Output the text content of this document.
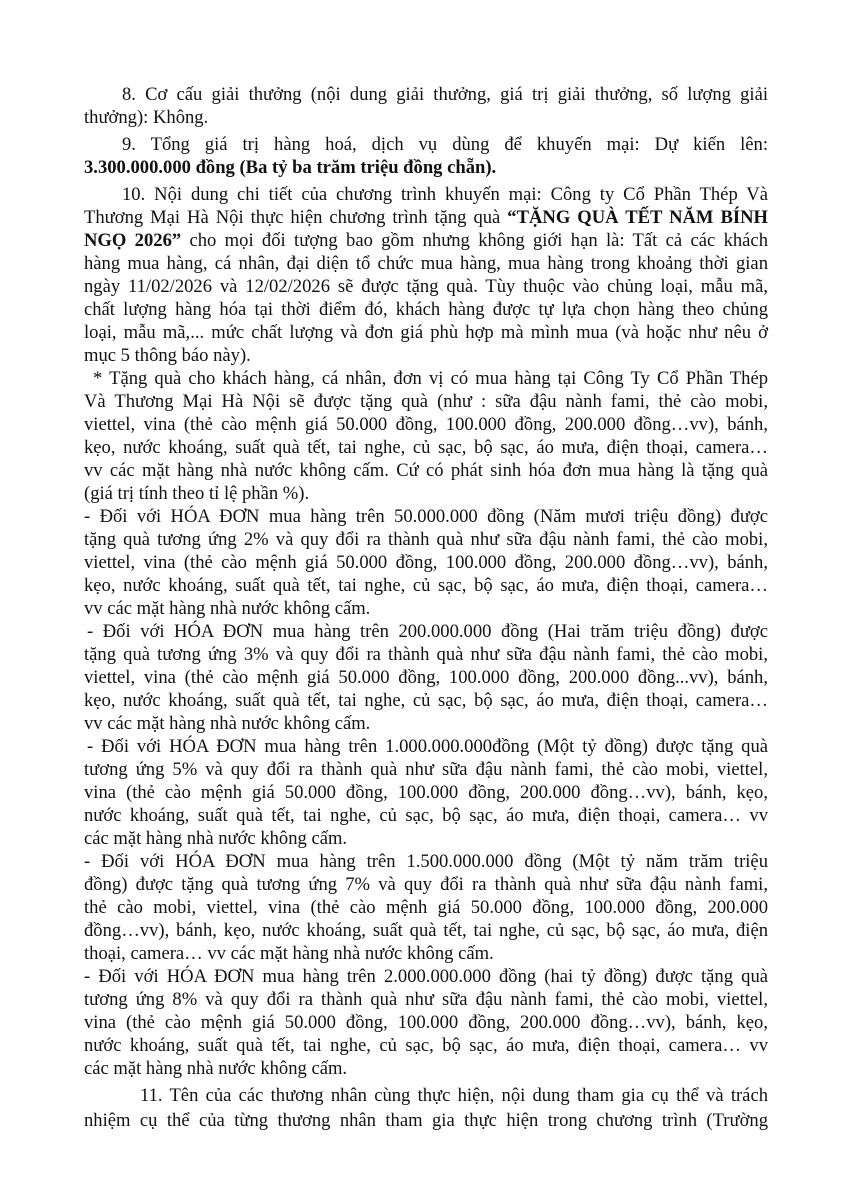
8. Cơ cấu giải thưởng (nội dung giải thưởng, giá trị giải thưởng, số lượng giải
thưởng): Không.
9. Tổng giá trị hàng hoá, dịch vụ dùng để khuyến mại: Dự kiến lên:
3.300.000.000 đồng (Ba tỷ ba trăm triệu đồng chẵn).
10. Nội dung chi tiết của chương trình khuyến mại: Công ty Cổ Phần Thép Và
Thương Mại Hà Nội thực hiện chương trình tặng quà “TẶNG QUÀ TẾT NĂM BÍNH
NGỌ 2026” cho mọi đối tượng bao gồm nhưng không giới hạn là: Tất cả các khách
hàng mua hàng, cá nhân, đại diện tổ chức mua hàng, mua hàng trong khoảng thời gian
ngày 11/02/2026 và 12/02/2026 sẽ được tặng quà. Tùy thuộc vào chủng loại, mẫu mã,
chất lượng hàng hóa tại thời điểm đó, khách hàng được tự lựa chọn hàng theo chủng
loại, mẫu mã,... mức chất lượng và đơn giá phù hợp mà mình mua (và hoặc như nêu ở
mục 5 thông báo này).
* Tặng quà cho khách hàng, cá nhân, đơn vị có mua hàng tại Công Ty Cổ Phần Thép
Và Thương Mại Hà Nội sẽ được tặng quà (như : sữa đậu nành fami, thẻ cào mobi,
viettel, vina (thẻ cào mệnh giá 50.000 đồng, 100.000 đồng, 200.000 đồng…vv), bánh,
kẹo, nước khoáng, suất quà tết, tai nghe, củ sạc, bộ sạc, áo mưa, điện thoại, camera…
vv các mặt hàng nhà nước không cấm. Cứ có phát sinh hóa đơn mua hàng là tặng quà
(giá trị tính theo tỉ lệ phần %).
- Đối với HÓA ĐƠN mua hàng trên 50.000.000 đồng (Năm mươi triệu đồng) được
tặng quà tương ứng 2% và quy đổi ra thành quà như sữa đậu nành fami, thẻ cào mobi,
viettel, vina (thẻ cào mệnh giá 50.000 đồng, 100.000 đồng, 200.000 đồng…vv), bánh,
kẹo, nước khoáng, suất quà tết, tai nghe, củ sạc, bộ sạc, áo mưa, điện thoại, camera…
vv các mặt hàng nhà nước không cấm.
- Đối với HÓA ĐƠN mua hàng trên 200.000.000 đồng (Hai trăm triệu đồng) được
tặng quà tương ứng 3% và quy đổi ra thành quà như sữa đậu nành fami, thẻ cào mobi,
viettel, vina (thẻ cào mệnh giá 50.000 đồng, 100.000 đồng, 200.000 đồng...vv), bánh,
kẹo, nước khoáng, suất quà tết, tai nghe, củ sạc, bộ sạc, áo mưa, điện thoại, camera…
vv các mặt hàng nhà nước không cấm.
- Đối với HÓA ĐƠN mua hàng trên 1.000.000.000đồng (Một tỷ đồng) được tặng quà
tương ứng 5% và quy đổi ra thành quà như sữa đậu nành fami, thẻ cào mobi, viettel,
vina (thẻ cào mệnh giá 50.000 đồng, 100.000 đồng, 200.000 đồng…vv), bánh, kẹo,
nước khoáng, suất quà tết, tai nghe, củ sạc, bộ sạc, áo mưa, điện thoại, camera… vv
các mặt hàng nhà nước không cấm.
- Đối với HÓA ĐƠN mua hàng trên 1.500.000.000 đồng (Một tỷ năm trăm triệu
đồng) được tặng quà tương ứng 7% và quy đổi ra thành quà như sữa đậu nành fami,
thẻ cào mobi, viettel, vina (thẻ cào mệnh giá 50.000 đồng, 100.000 đồng, 200.000
đồng…vv), bánh, kẹo, nước khoáng, suất quà tết, tai nghe, củ sạc, bộ sạc, áo mưa, điện
thoại, camera… vv các mặt hàng nhà nước không cấm.
- Đối với HÓA ĐƠN mua hàng trên 2.000.000.000 đồng (hai tỷ đồng) được tặng quà
tương ứng 8% và quy đổi ra thành quà như sữa đậu nành fami, thẻ cào mobi, viettel,
vina (thẻ cào mệnh giá 50.000 đồng, 100.000 đồng, 200.000 đồng…vv), bánh, kẹo,
nước khoáng, suất quà tết, tai nghe, củ sạc, bộ sạc, áo mưa, điện thoại, camera… vv
các mặt hàng nhà nước không cấm.
11. Tên của các thương nhân cùng thực hiện, nội dung tham gia cụ thể và trách
nhiệm cụ thể của từng thương nhân tham gia thực hiện trong chương trình (Trường
